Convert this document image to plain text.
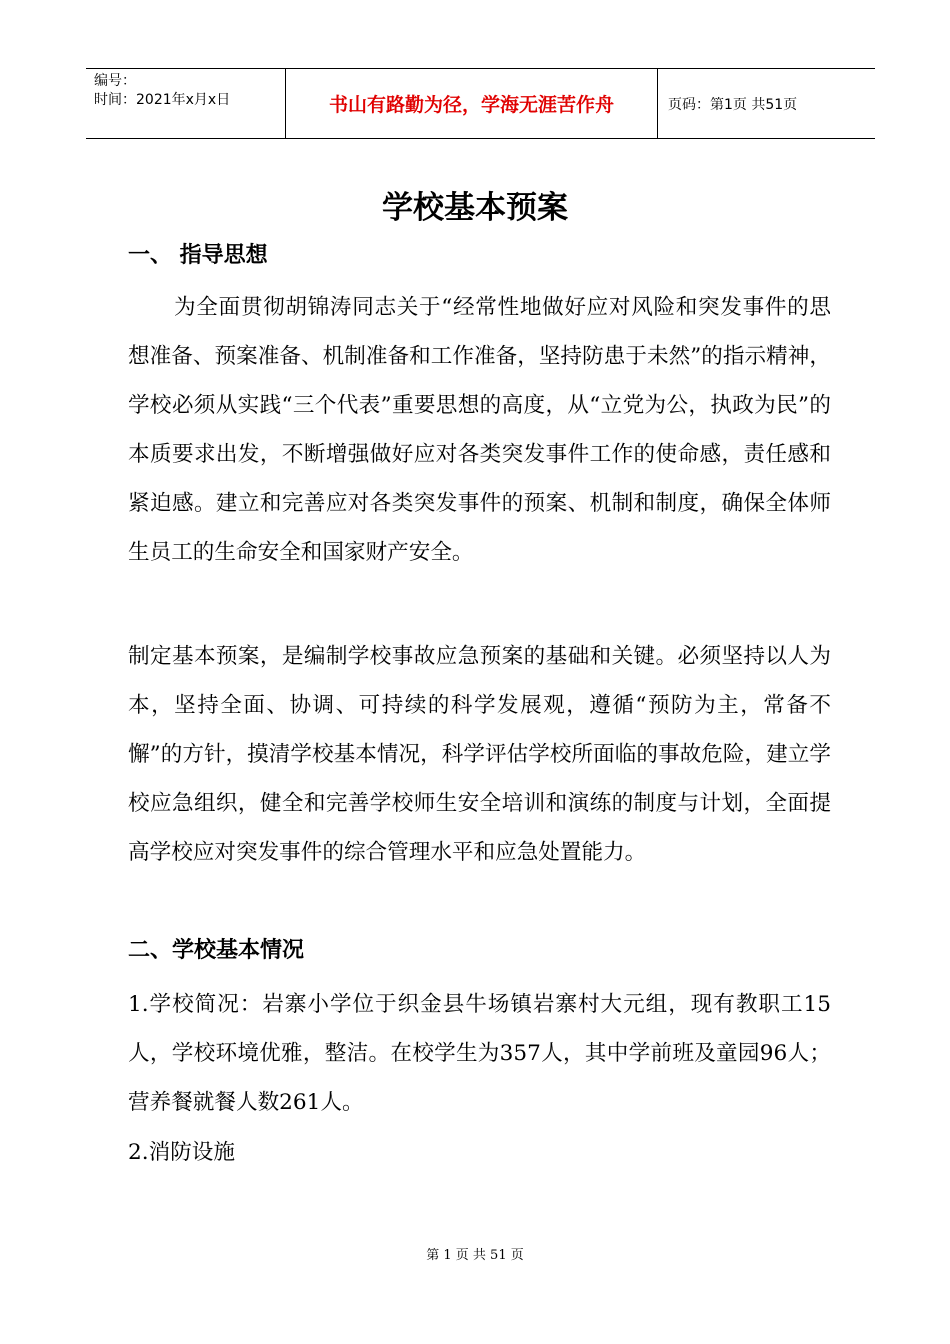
编号：
时间：2021年x月x日	书山有路勤为径，学海无涯苦作舟	页码：第1页 共51页
学校基本预案
一、 指导思想

为全面贯彻胡锦涛同志关于“经常性地做好应对风险和突发事件的思想准备、预案准备、机制准备和工作准备，坚持防患于未然”的指示精神，学校必须从实践“三个代表”重要思想的高度，从“立党为公，执政为民”的本质要求出发，不断增强做好应对各类突发事件工作的使命感，责任感和紧迫感。建立和完善应对各类突发事件的预案、机制和制度，确保全体师生员工的生命安全和国家财产安全。

制定基本预案，是编制学校事故应急预案的基础和关键。必须坚持以人为本，坚持全面、协调、可持续的科学发展观，遵循“预防为主，常备不懈”的方针，摸清学校基本情况，科学评估学校所面临的事故危险，建立学校应急组织，健全和完善学校师生安全培训和演练的制度与计划，全面提高学校应对突发事件的综合管理水平和应急处置能力。

二、学校基本情况

1.学校简况：岩寨小学位于织金县牛场镇岩寨村大元组，现有教职工15人，学校环境优雅，整洁。在校学生为357人，其中学前班及童园96人；营养餐就餐人数261人。

2.消防设施

第 1 页 共 51 页
